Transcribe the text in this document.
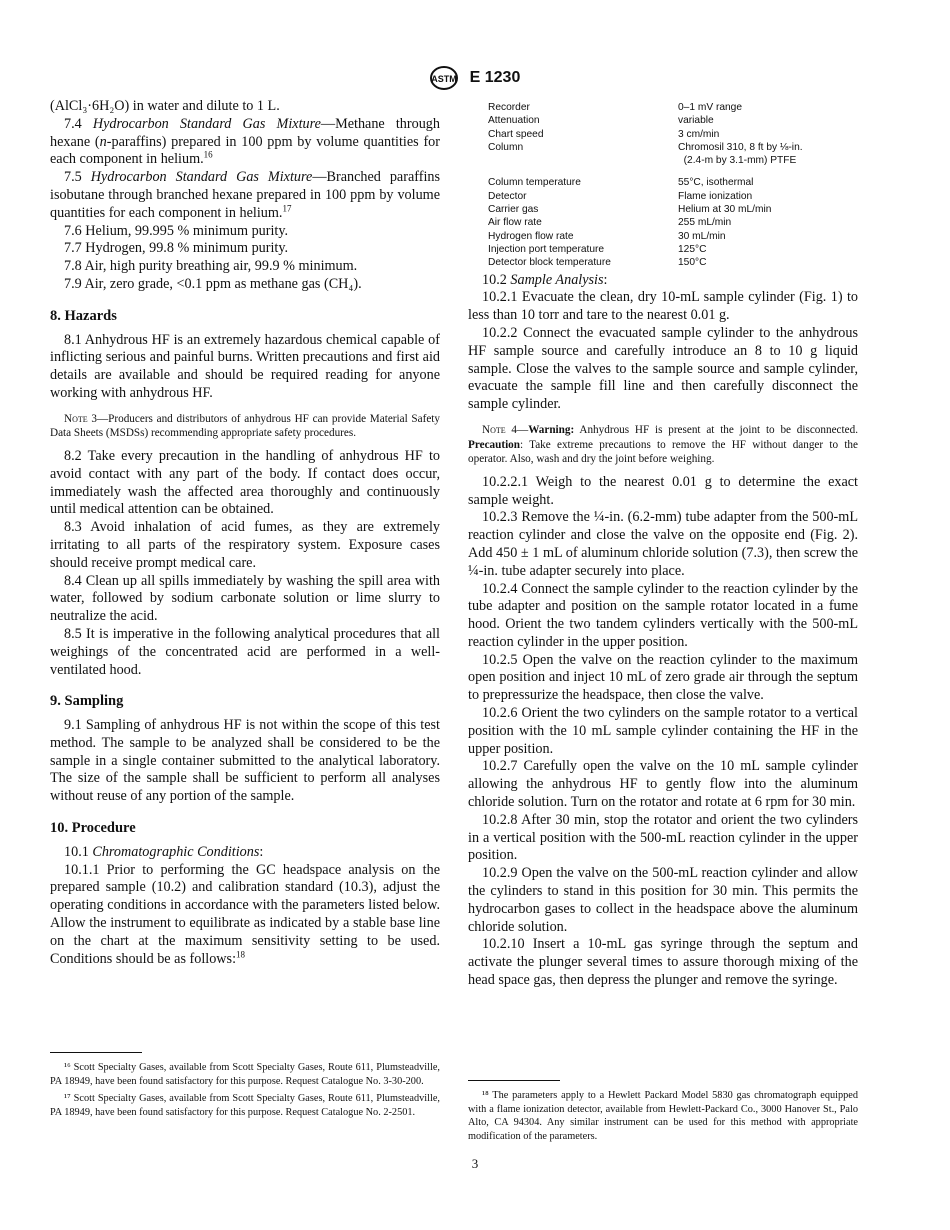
ASTM E 1230

(AlCl₃·6H₂O) in water and dilute to 1 L.

7.4 Hydrocarbon Standard Gas Mixture—Methane through hexane (n-paraffins) prepared in 100 ppm by volume quantities for each component in helium.$^{16}$

7.5 Hydrocarbon Standard Gas Mixture—Branched paraffins isobutane through branched hexane prepared in 100 ppm by volume quantities for each component in helium.$^{17}$

7.6 Helium, 99.995 % minimum purity.

7.7 Hydrogen, 99.8 % minimum purity.

7.8 Air, high purity breathing air, 99.9 % minimum.

7.9 Air, zero grade, <0.1 ppm as methane gas (CH₄).

8. Hazards

8.1 Anhydrous HF is an extremely hazardous chemical capable of inflicting serious and painful burns. Written precautions and first aid details are available and should be required reading for anyone working with anhydrous HF.

Note 3—Producers and distributors of anhydrous HF can provide Material Safety Data Sheets (MSDSs) recommending appropriate safety procedures.

8.2 Take every precaution in the handling of anhydrous HF to avoid contact with any part of the body. If contact does occur, immediately wash the affected area thoroughly and continuously until medical attention can be obtained.

8.3 Avoid inhalation of acid fumes, as they are extremely irritating to all parts of the respiratory system. Exposure cases should receive prompt medical care.

8.4 Clean up all spills immediately by washing the spill area with water, followed by sodium carbonate solution or lime slurry to neutralize the acid.

8.5 It is imperative in the following analytical procedures that all weighings of the concentrated acid are performed in a well-ventilated hood.

9. Sampling

9.1 Sampling of anhydrous HF is not within the scope of this test method. The sample to be analyzed shall be considered to be the sample in a single container submitted to the analytical laboratory. The size of the sample shall be sufficient to perform all analyses without reuse of any portion of the sample.

10. Procedure

10.1 Chromatographic Conditions:

10.1.1 Prior to performing the GC headspace analysis on the prepared sample (10.2) and calibration standard (10.3), adjust the operating conditions in accordance with the parameters listed below. Allow the instrument to equilibrate as indicated by a stable base line on the chart at the maximum sensitivity setting to be used. Conditions should be as follows:$^{18}$

¹⁶ Scott Specialty Gases, available from Scott Specialty Gases, Route 611, Plumsteadville, PA 18949, have been found satisfactory for this purpose. Request Catalogue No. 3-30-200.

¹⁷ Scott Specialty Gases, available from Scott Specialty Gases, Route 611, Plumsteadville, PA 18949, have been found satisfactory for this purpose. Request Catalogue No. 2-2501.

Recorder	0–1 mV range
Attenuation	variable
Chart speed	3 cm/min
Column	Chromosil 310, 8 ft by ⅛-in.
	(2.4-m by 3.1-mm) PTFE
Column temperature	55°C, isothermal
Detector	Flame ionization
Carrier gas	Helium at 30 mL/min
Air flow rate	255 mL/min
Hydrogen flow rate	30 mL/min
Injection port temperature	125°C
Detector block temperature	150°C

10.2 Sample Analysis:

10.2.1 Evacuate the clean, dry 10-mL sample cylinder (Fig. 1) to less than 10 torr and tare to the nearest 0.01 g.

10.2.2 Connect the evacuated sample cylinder to the anhydrous HF sample source and carefully introduce an 8 to 10 g liquid sample. Close the valves to the sample source and sample cylinder, evacuate the sample fill line and then carefully disconnect the sample cylinder.

Note 4—Warning: Anhydrous HF is present at the joint to be disconnected. Precaution: Take extreme precautions to remove the HF without danger to the operator. Also, wash and dry the joint before weighing.

10.2.2.1 Weigh to the nearest 0.01 g to determine the exact sample weight.

10.2.3 Remove the ¼-in. (6.2-mm) tube adapter from the 500-mL reaction cylinder and close the valve on the opposite end (Fig. 2). Add 450 ± 1 mL of aluminum chloride solution (7.3), then screw the ¼-in. tube adapter securely into place.

10.2.4 Connect the sample cylinder to the reaction cylinder by the tube adapter and position on the sample rotator located in a fume hood. Orient the two tandem cylinders vertically with the 500-mL reaction cylinder in the upper position.

10.2.5 Open the valve on the reaction cylinder to the maximum open position and inject 10 mL of zero grade air through the septum to prepressurize the headspace, then close the valve.

10.2.6 Orient the two cylinders on the sample rotator to a vertical position with the 10 mL sample cylinder containing the HF in the upper position.

10.2.7 Carefully open the valve on the 10 mL sample cylinder allowing the anhydrous HF to gently flow into the aluminum chloride solution. Turn on the rotator and rotate at 6 rpm for 30 min.

10.2.8 After 30 min, stop the rotator and orient the two cylinders in a vertical position with the 500-mL reaction cylinder in the upper position.

10.2.9 Open the valve on the 500-mL reaction cylinder and allow the cylinders to stand in this position for 30 min. This permits the hydrocarbon gases to collect in the headspace above the aluminum chloride solution.

10.2.10 Insert a 10-mL gas syringe through the septum and activate the plunger several times to assure thorough mixing of the head space gas, then depress the plunger and remove the syringe.

¹⁸ The parameters apply to a Hewlett Packard Model 5830 gas chromatograph equipped with a flame ionization detector, available from Hewlett-Packard Co., 3000 Hanover St., Palo Alto, CA 94304. Any similar instrument can be used for this method with appropriate modification of the parameters.

3
